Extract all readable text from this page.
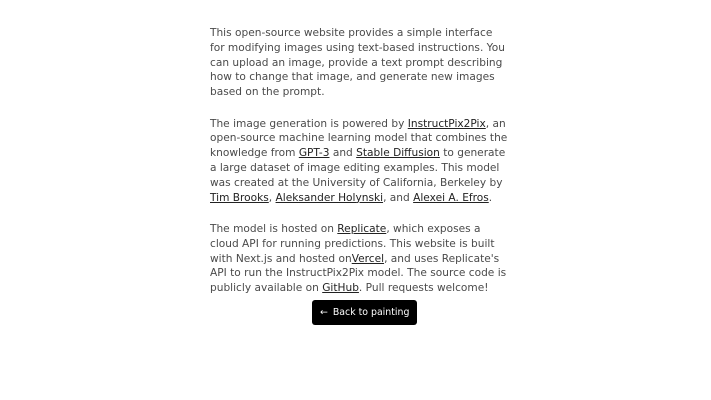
This open-source website provides a simple interface for modifying images using text-based instructions. You can upload an image, provide a text prompt describing how to change that image, and generate new images based on the prompt.

The image generation is powered by InstructPix2Pix, an open-source machine learning model that combines the knowledge from GPT-3 and Stable Diffusion to generate a large dataset of image editing examples. This model was created at the University of California, Berkeley by Tim Brooks, Aleksander Holynski, and Alexei A. Efros.

The model is hosted on Replicate, which exposes a cloud API for running predictions. This website is built with Next.js and hosted onVercel, and uses Replicate's API to run the InstructPix2Pix model. The source code is publicly available on GitHub. Pull requests welcome!

← Back to painting
